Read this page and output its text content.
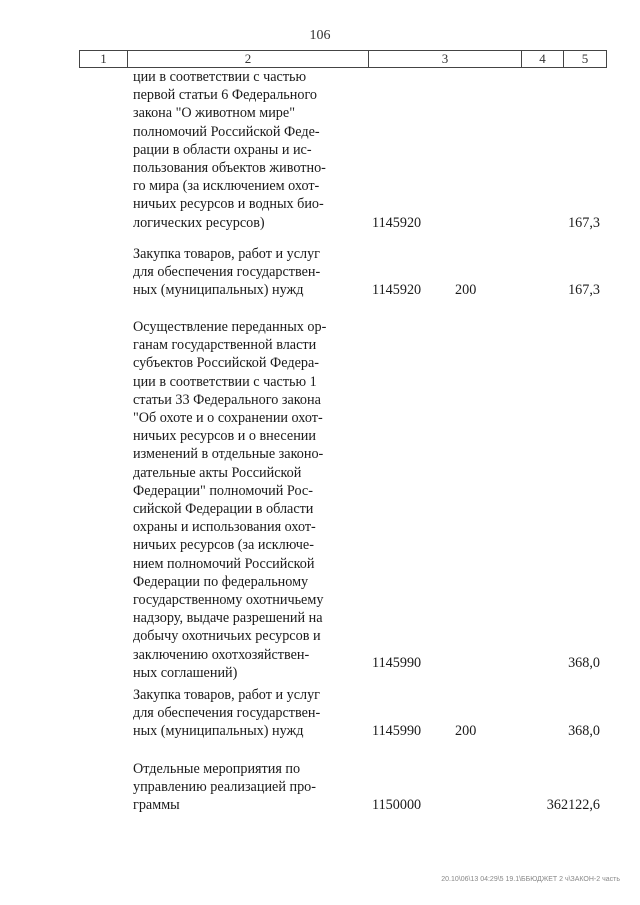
106
1	2	3	4	5
ции в соответствии с частью
первой статьи 6 Федерального
закона "О животном мире"
полномочий Российской Феде-
рации в области охраны и ис-
пользования объектов животно-
го мира (за исключением охот-
ничьих ресурсов и водных био-
логических ресурсов)	1145920	167,3
Закупка товаров, работ и услуг
для обеспечения государствен-
ных (муниципальных) нужд	1145920 200	167,3
Осуществление переданных ор-
ганам государственной власти
субъектов Российской Федера-
ции в соответствии с частью 1
статьи 33 Федерального закона
"Об охоте и о сохранении охот-
ничьих ресурсов и о внесении
изменений в отдельные законо-
дательные акты Российской
Федерации" полномочий Рос-
сийской Федерации в области
охраны и использования охот-
ничьих ресурсов (за исключе-
нием полномочий Российской
Федерации по федеральному
государственному охотничьему
надзору, выдаче разрешений на
добычу охотничьих ресурсов и
заключению охотхозяйствен-
ных соглашений)
1145990	368,0
Закупка товаров, работ и услуг
для обеспечения государствен-
ных (муниципальных) нужд	1145990 200	368,0
Отдельные мероприятия по
управлению реализацией про-
граммы	1150000	362122,6
20.10\06\13 04:29\5 19.1\ББЮДЖЕТ 2 ч\ЗАКОН-2 часть
